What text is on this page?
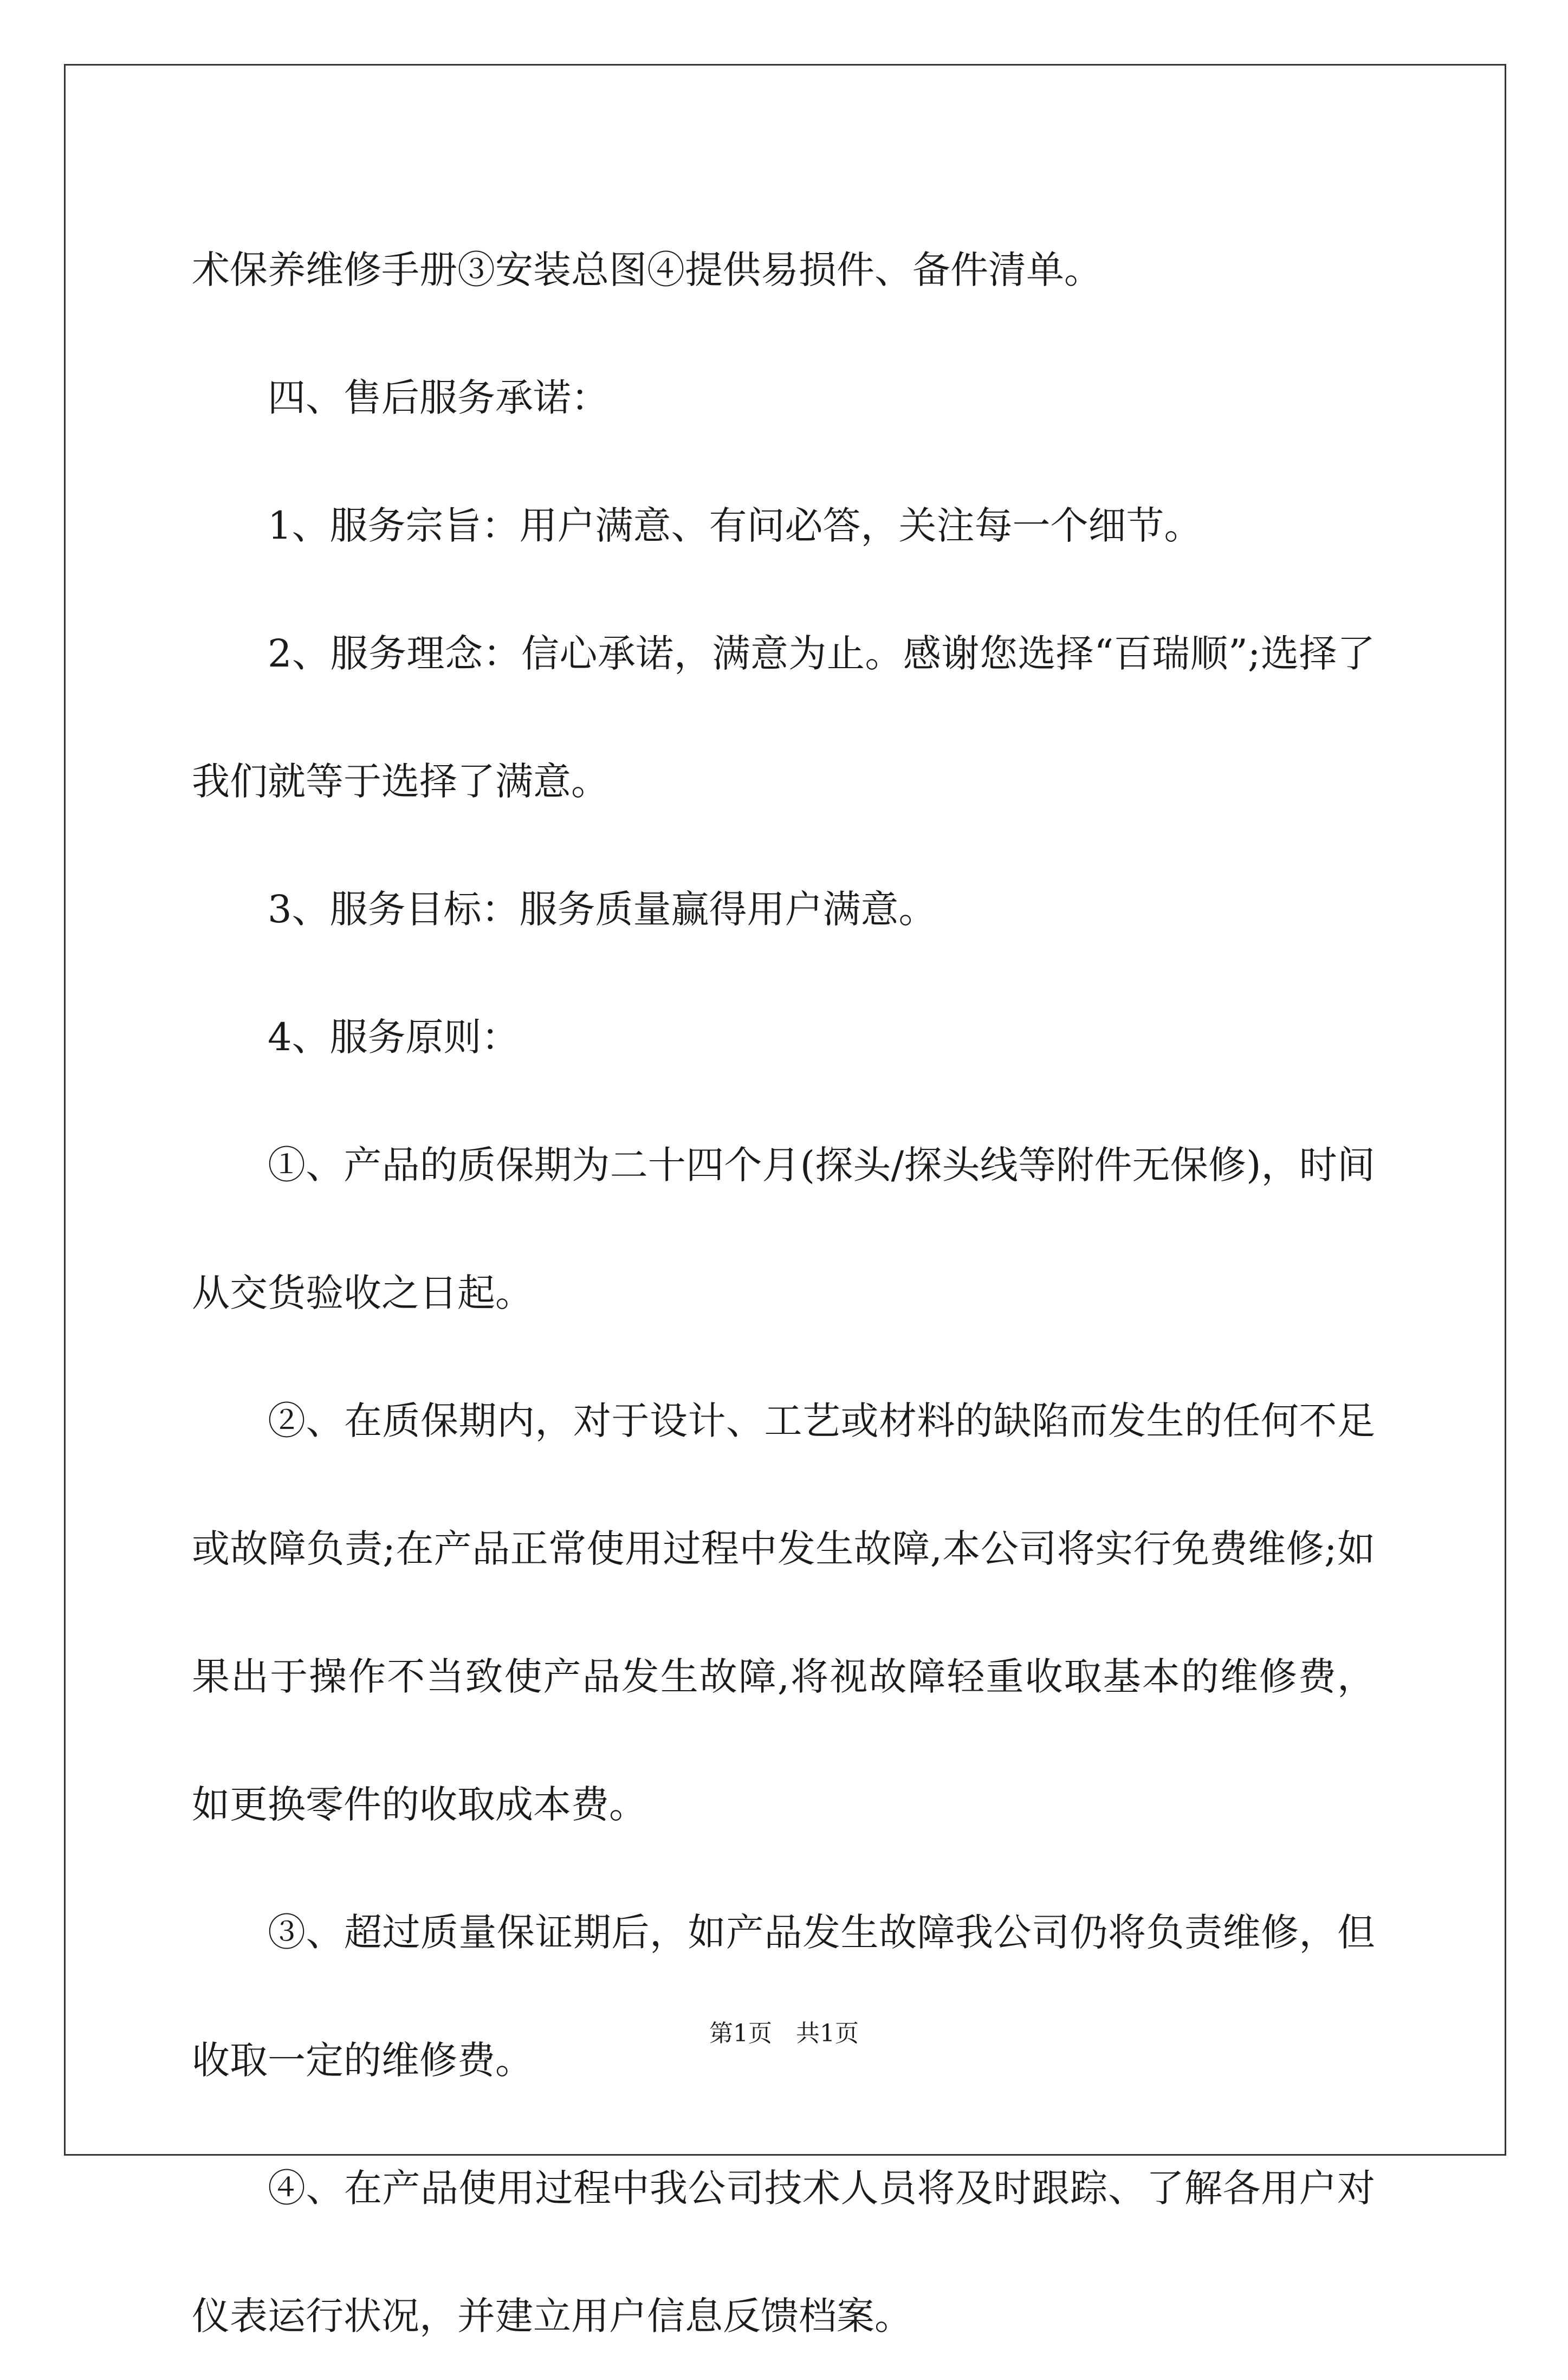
术保养维修手册③安装总图④提供易损件、备件清单。

四、售后服务承诺：

1、服务宗旨：用户满意、有问必答，关注每一个细节。

2、服务理念：信心承诺，满意为止。感谢您选择“百瑞顺”;选择了我们就等于选择了满意。

3、服务目标：服务质量赢得用户满意。

4、服务原则：

①、产品的质保期为二十四个月(探头/探头线等附件无保修)，时间从交货验收之日起。

②、在质保期内，对于设计、工艺或材料的缺陷而发生的任何不足或故障负责;在产品正常使用过程中发生故障,本公司将实行免费维修;如果出于操作不当致使产品发生故障,将视故障轻重收取基本的维修费，如更换零件的收取成本费。

③、超过质量保证期后，如产品发生故障我公司仍将负责维修，但收取一定的维修费。

④、在产品使用过程中我公司技术人员将及时跟踪、了解各用户对仪表运行状况，并建立用户信息反馈档案。

第1页 共1页
